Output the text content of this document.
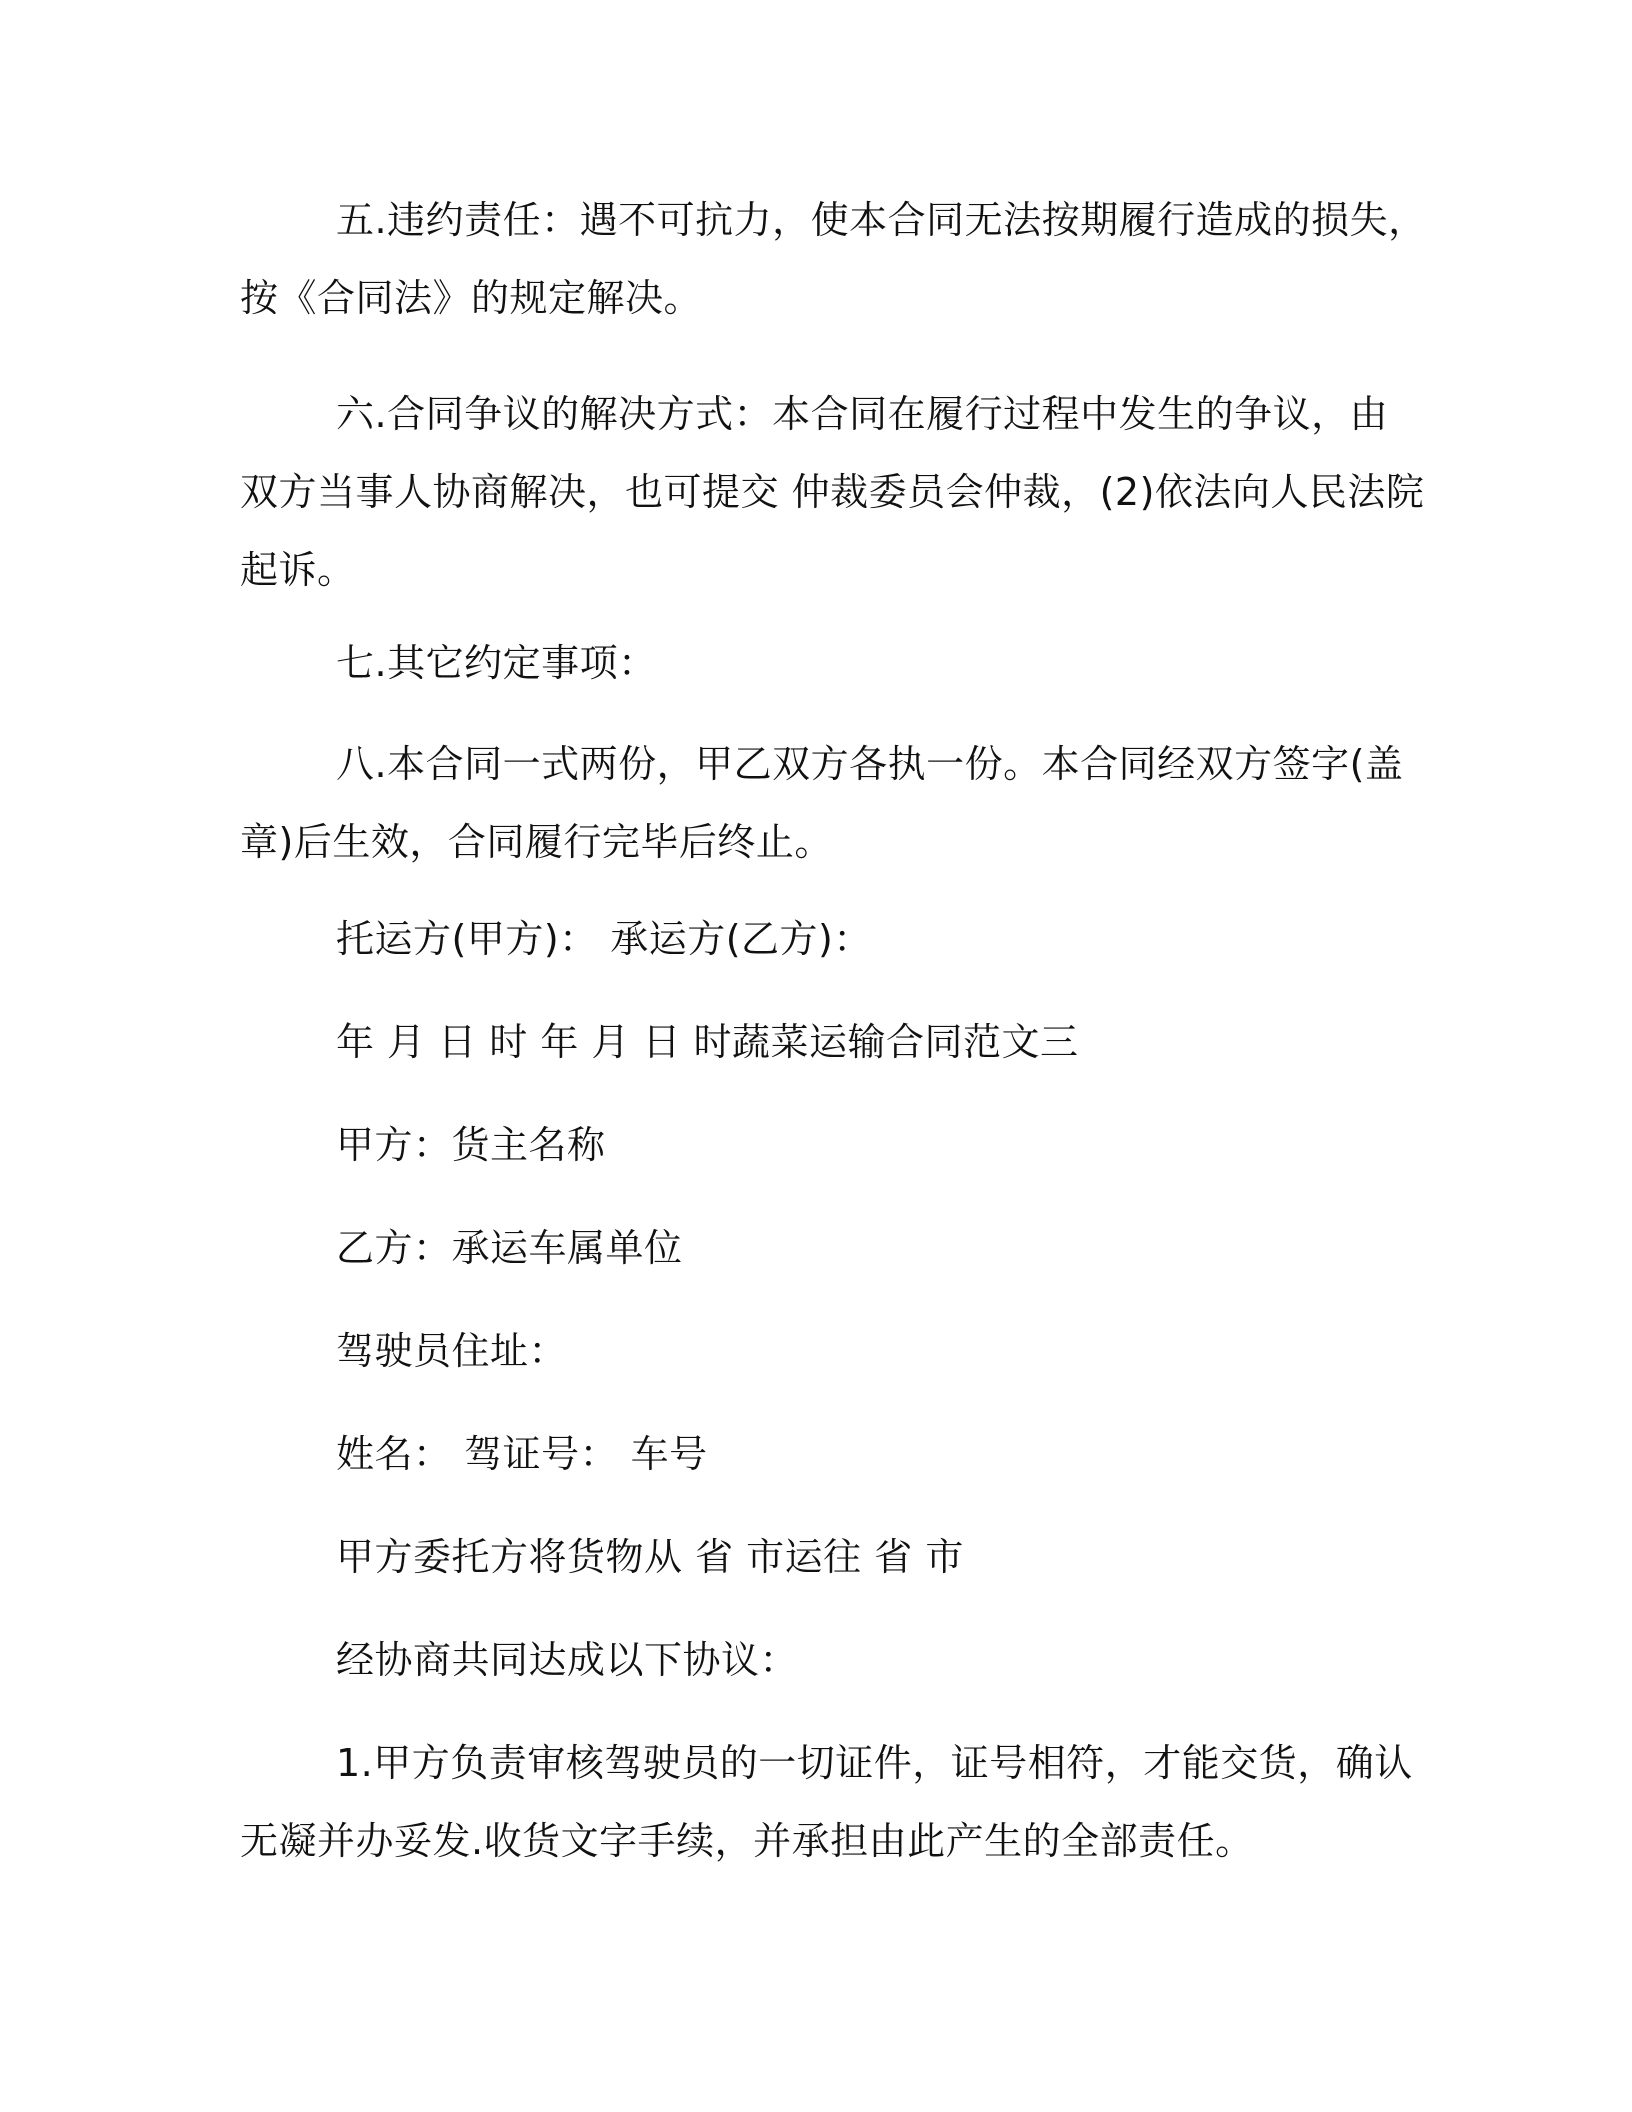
五.违约责任：遇不可抗力，使本合同无法按期履行造成的损失，
按《合同法》的规定解决。
六.合同争议的解决方式：本合同在履行过程中发生的争议，由
双方当事人协商解决，也可提交 仲裁委员会仲裁，(2)依法向人民法院
起诉。
七.其它约定事项：
八.本合同一式两份，甲乙双方各执一份。本合同经双方签字(盖
章)后生效，合同履行完毕后终止。
托运方(甲方)： 承运方(乙方)：
年 月 日 时 年 月 日 时蔬菜运输合同范文三
甲方：货主名称
乙方：承运车属单位
驾驶员住址：
姓名： 驾证号： 车号
甲方委托方将货物从 省 市运往 省 市
经协商共同达成以下协议：
1.甲方负责审核驾驶员的一切证件，证号相符，才能交货，确认
无凝并办妥发.收货文字手续，并承担由此产生的全部责任。
